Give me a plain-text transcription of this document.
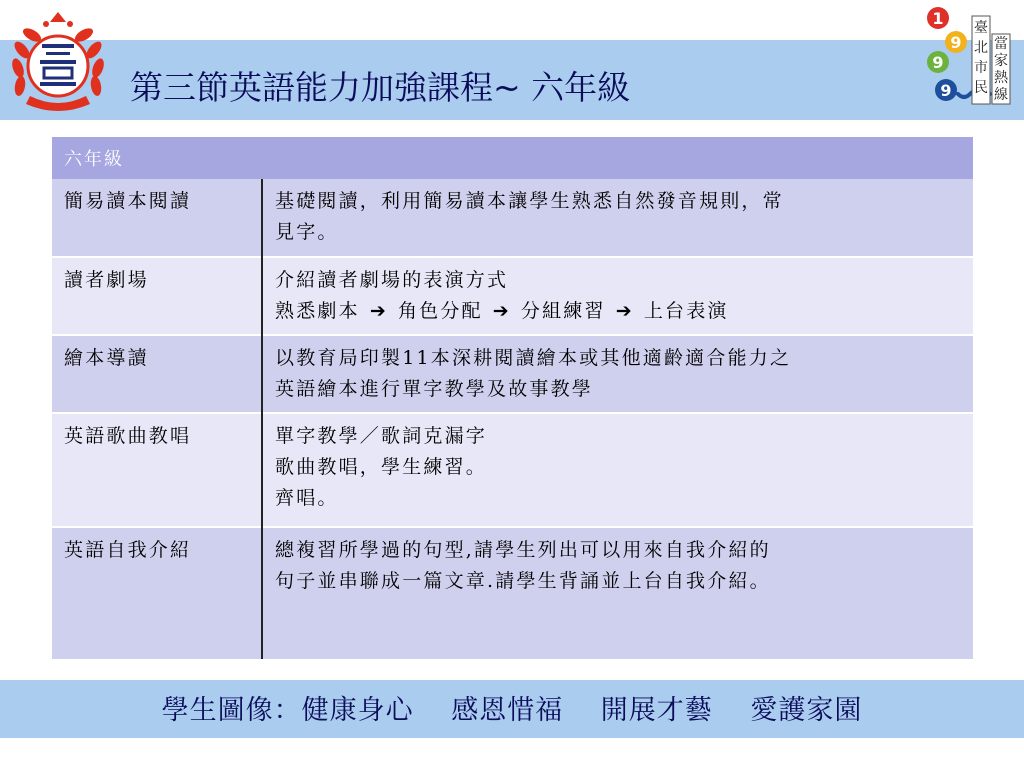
第三節英語能力加強課程~ 六年級
1
9
9
9
臺北市民
當家熱線
六年級	
簡易讀本閱讀	基礎閱讀，利用簡易讀本讓學生熟悉自然發音規則，常
見字。

讀者劇場	介紹讀者劇場的表演方式
熟悉劇本 ➔ 角色分配 ➔ 分組練習 ➔ 上台表演

繪本導讀	以教育局印製11本深耕閱讀繪本或其他適齡適合能力之
英語繪本進行單字教學及故事教學

英語歌曲教唱	單字教學／歌詞克漏字
歌曲教唱，學生練習。
齊唱。

英語自我介紹	總複習所學過的句型,請學生列出可以用來自我介紹的
句子並串聯成一篇文章.請學生背誦並上台自我介紹。
學生圖像：健康身心　 感恩惜福　 開展才藝　 愛護家園
